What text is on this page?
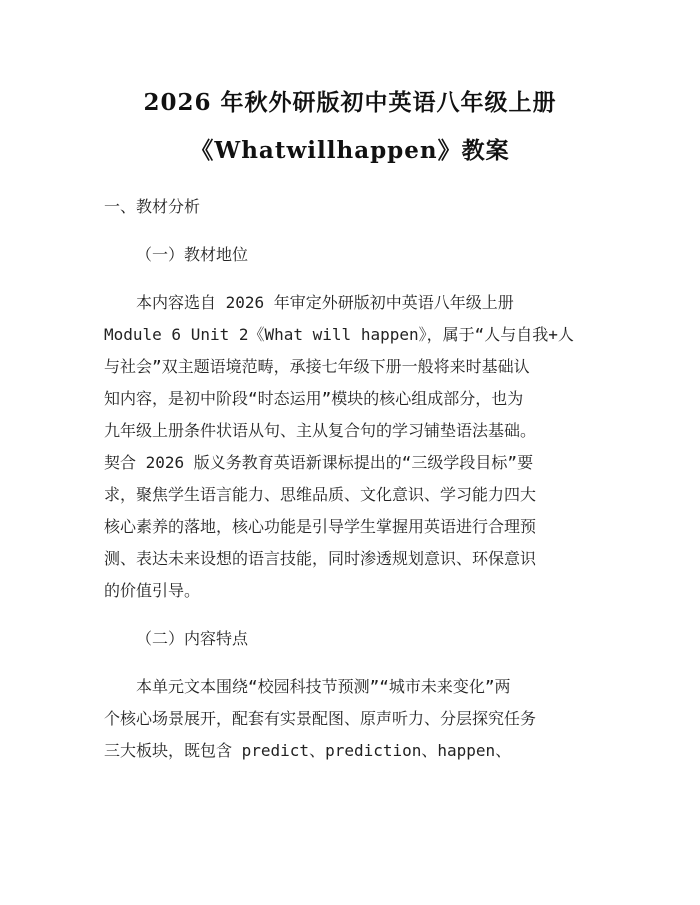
2026 年秋外研版初中英语八年级上册
《Whatwillhappen》教案
一、教材分析
（一）教材地位
本内容选自 2026 年审定外研版初中英语八年级上册
Module 6 Unit 2《What will happen》，属于“人与自我+人
与社会”双主题语境范畴，承接七年级下册一般将来时基础认
知内容，是初中阶段“时态运用”模块的核心组成部分，也为
九年级上册条件状语从句、主从复合句的学习铺垫语法基础。
契合 2026 版义务教育英语新课标提出的“三级学段目标”要
求，聚焦学生语言能力、思维品质、文化意识、学习能力四大
核心素养的落地，核心功能是引导学生掌握用英语进行合理预
测、表达未来设想的语言技能，同时渗透规划意识、环保意识
的价值引导。
（二）内容特点
本单元文本围绕“校园科技节预测”“城市未来变化”两
个核心场景展开，配套有实景配图、原声听力、分层探究任务
三大板块，既包含 predict、prediction、happen、
